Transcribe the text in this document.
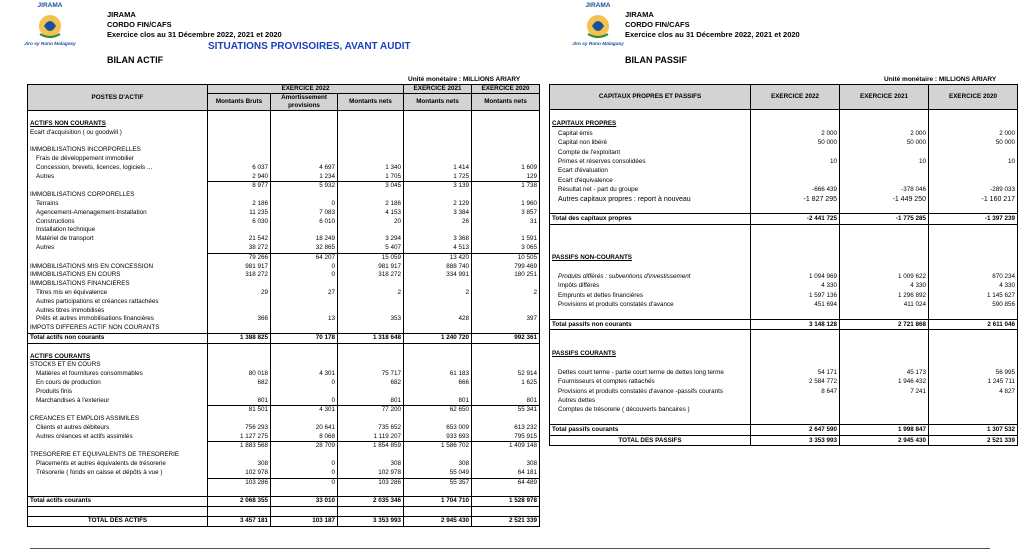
JIRAMA
Jiro sy Rano Malagasy
JIRAMA
CORDO FIN/CAFS
Exercice clos au 31 Décembre 2022, 2021 et 2020
SITUATIONS PROVISOIRES, AVANT AUDIT
BILAN ACTIF
Unité monétaire : MILLIONS ARIARY
JIRAMA
Jiro sy Rano Malagasy
JIRAMA
CORDO FIN/CAFS
Exercice clos au 31 Décembre 2022, 2021 et 2020
BILAN PASSIF
Unité monétaire : MILLIONS ARIARY
POSTES D'ACTIF	EXERCICE 2022			EXERCICE 2021	EXERCICE 2020
	Montants Bruts	Amortissement provisions	Montants nets	Montants nets	Montants nets

ACTIFS NON COURANTS					
Ecart d'acquisition ( ou goodwill )					

IMMOBILISATIONS INCORPORELLES					
Frais de développement immobilier					
Concession, brevets, licences, logiciels ...	6 037	4 697	1 340	1 414	1 609
Autres	2 940	1 234	1 705	1 725	129
	8 977	5 932	3 045	3 139	1 738
IMMOBILISATIONS CORPORELLES					
Terrains	2 186	0	2 186	2 129	1 960
Agencement-Amenagement-Installation	11 235	7 083	4 153	3 384	3 857
Constructions	6 030	6 010	20	26	31
Installation technique					
Matériel de transport	21 542	18 249	3 294	3 368	1 591
Autres	38 272	32 865	5 407	4 513	3 065
	79 266	64 207	15 059	13 420	10 505
IMMOBILISATIONS MIS EN CONCESSION	981 917	0	981 917	888 740	799 469
IMMOBILISATIONS EN COURS	318 272	0	318 272	334 991	180 251
IMMOBILISATIONS FINANCIERES					
Titres mis en équivalence	29	27	2	2	2
Autres participations et créances rattachées					
Autres titres immobilisés					
Prêts et autres immobilisations financières	366	13	353	428	397
IMPOTS DIFFERES ACTIF NON COURANTS					
Total actifs non courants	1 388 825	70 178	1 318 648	1 240 720	992 361

ACTIFS COURANTS					
STOCKS ET EN COURS					
Matières et fournitures consommables	80 018	4 301	75 717	61 183	52 914
En cours de production	682	0	682	666	1 625
Produits finis					
Marchandises à l'exterieur	801	0	801	801	801
	81 501	4 301	77 200	62 650	55 341
CREANCES ET EMPLOIS ASSIMILES					
Clients et autres débiteurs	756 293	20 641	735 652	653 009	613 232
Autres créances et actifs assimilés	1 127 275	8 068	1 119 207	933 693	795 915
	1 883 568	28 709	1 854 859	1 586 702	1 409 148
TRESORERIE ET EQUIVALENTS DE TRESORERIE					
Placements et autres équivalents de trésorerie	308	0	308	308	308
Trésorerie ( fonds en caisse et dépôts à vue )	102 978	0	102 978	55 049	64 181
	103 286	0	103 286	55 357	64 489

Total actifs courants	2 068 355	33 010	2 035 346	1 704 710	1 528 978

TOTAL DES ACTIFS	3 457 181	103 187	3 353 993	2 945 430	2 521 339
CAPITAUX PROPRES ET PASSIFS	EXERCICE 2022	EXERCICE 2021	EXERCICE 2020

CAPITAUX PROPRES			
Capital émis	2 000	2 000	2 000
Capital non libéré	50 000	50 000	50 000
Compte de l'exploitant			
Primes et réserves consolidées	10	10	10
Ecart d'évaluation			
Ecart d'équivalence			
Résultat net - part du groupe	-666 439	-378 046	-289 033
Autres capitaux propres : report à nouveau	-1 827 295	-1 449 250	-1 160 217

Total des capitaux propres	-2 441 725	-1 775 285	-1 397 239

PASSIFS NON-COURANTS			

Produits différés : subventions d'investissement	1 094 969	1 009 622	870 234
Impôts différés	4 330	4 330	4 330
Emprunts et dettes financières	1 597 136	1 296 892	1 145 627
Provisions et produits constatés d'avance	451 694	411 024	590 856

Total passifs non courants	3 148 128	2 721 868	2 611 046

PASSIFS COURANTS			

Dettes court terme - partie court terme de dettes long terme	54 171	45 173	56 995
Fournisseurs et comptes rattachés	2 584 772	1 946 432	1 245 711
Provisions et produits constatés d'avance -passifs courants	8 647	7 241	4 827
Autres dettes			
Comptes de trésorerie ( découverts bancaires )			

Total passifs courants	2 647 590	1 998 847	1 307 532
TOTAL DES PASSIFS	3 353 993	2 945 430	2 521 339
